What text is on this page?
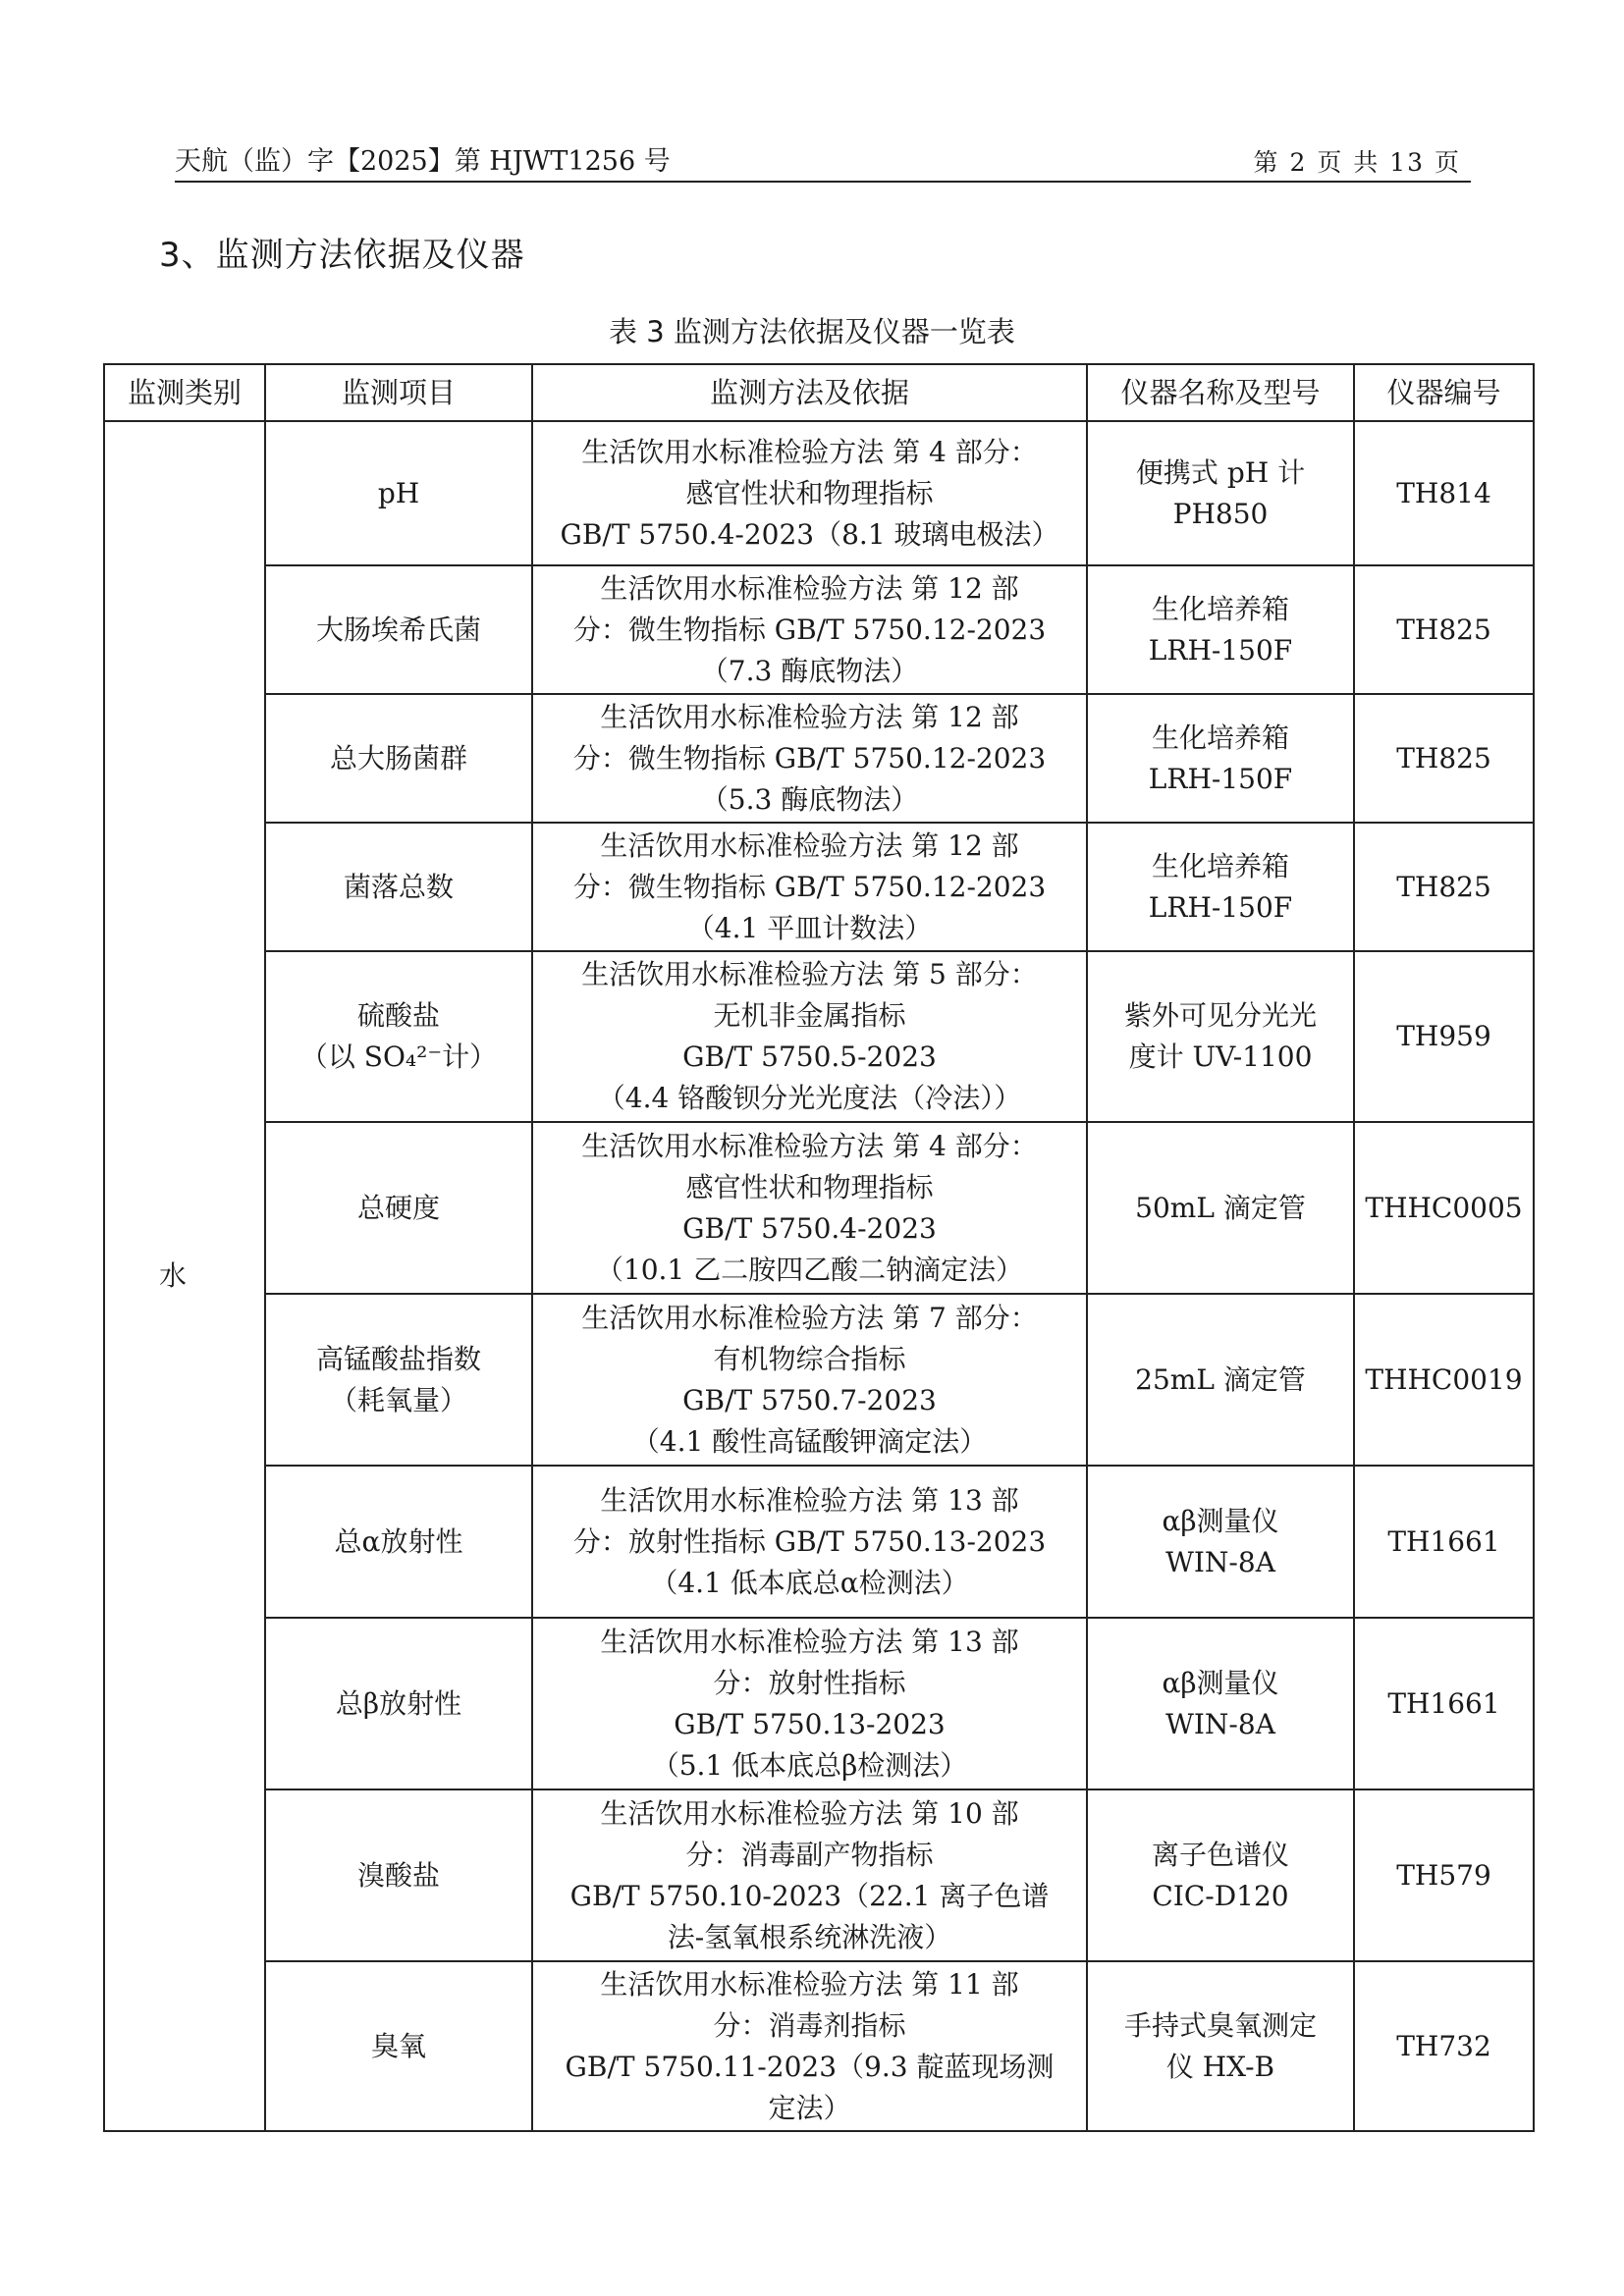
天航（监）字【2025】第 HJWT1256 号	第 2 页 共 13 页
3、监测方法依据及仪器
表 3 监测方法依据及仪器一览表
监测类别	监测项目	监测方法及依据	仪器名称及型号	仪器编号
水	pH	生活饮用水标准检验方法 第 4 部分：
感官性状和物理指标
GB/T 5750.4-2023（8.1 玻璃电极法）	便携式 pH 计
PH850	TH814
	大肠埃希氏菌	生活饮用水标准检验方法 第 12 部
分：微生物指标 GB/T 5750.12-2023
（7.3 酶底物法）	生化培养箱
LRH-150F	TH825
	总大肠菌群	生活饮用水标准检验方法 第 12 部
分：微生物指标 GB/T 5750.12-2023
（5.3 酶底物法）	生化培养箱
LRH-150F	TH825
	菌落总数	生活饮用水标准检验方法 第 12 部
分：微生物指标 GB/T 5750.12-2023
（4.1 平皿计数法）	生化培养箱
LRH-150F	TH825

	硫酸盐
（以 SO₄²⁻计）	生活饮用水标准检验方法 第 5 部分：
无机非金属指标
GB/T 5750.5-2023
（4.4 铬酸钡分光光度法（冷法））	紫外可见分光光
度计 UV-1100	TH959
	总硬度	生活饮用水标准检验方法 第 4 部分：
感官性状和物理指标
GB/T 5750.4-2023
（10.1 乙二胺四乙酸二钠滴定法）	50mL 滴定管	THHC0005

	高锰酸盐指数
（耗氧量）	生活饮用水标准检验方法 第 7 部分：
有机物综合指标
GB/T 5750.7-2023
（4.1 酸性高锰酸钾滴定法）	25mL 滴定管	THHC0019
	总α放射性	生活饮用水标准检验方法 第 13 部
分：放射性指标 GB/T 5750.13-2023
（4.1 低本底总α检测法）	αβ测量仪
WIN-8A	TH1661
	总β放射性	生活饮用水标准检验方法 第 13 部
分：放射性指标
GB/T 5750.13-2023
（5.1 低本底总β检测法）	αβ测量仪
WIN-8A	TH1661
	溴酸盐	生活饮用水标准检验方法 第 10 部
分：消毒副产物指标
GB/T 5750.10-2023（22.1 离子色谱
法-氢氧根系统淋洗液）	离子色谱仪
CIC-D120	TH579
	臭氧	生活饮用水标准检验方法 第 11 部
分：消毒剂指标
GB/T 5750.11-2023（9.3 靛蓝现场测
定法）	手持式臭氧测定
仪 HX-B	TH732
